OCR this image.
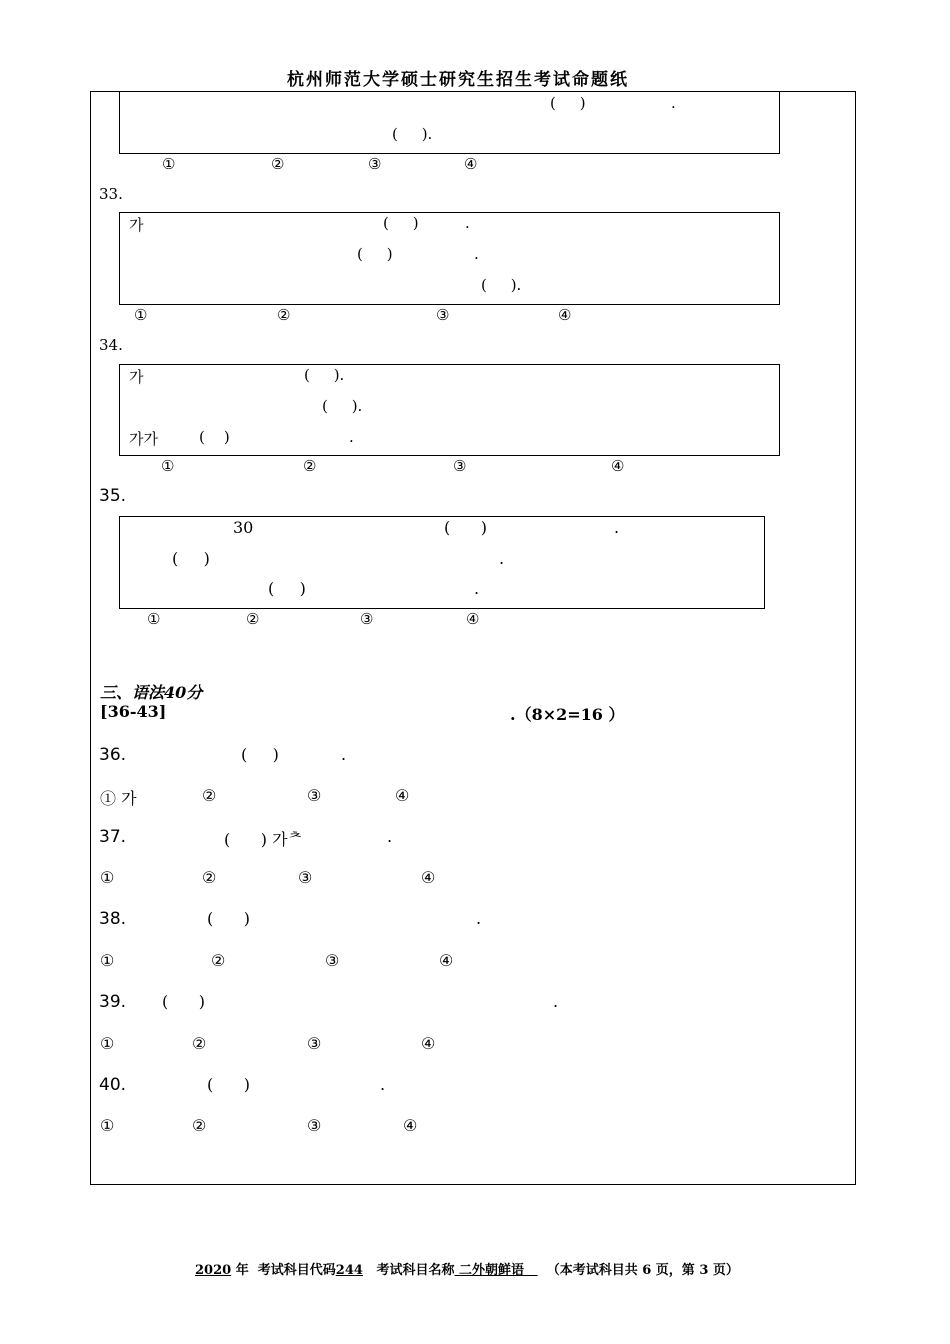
杭州师范大学硕士研究生招生考试命题纸
(     )	.
(     ).
①	②	③	④
33.
가	(     )	.
(     )	.
(     ).
①	②	③	④
34.
가	(     ).
(     ).
가가	(    )	.
①	②	③	④
35.
30	(      )	.
(     )	.
(     )	.
①	②	③	④
三、语法40分
[36-43]	.（8×2=16 ）
36.	(     )	.
① 가	②	③	④
37.	(      ) 가ᄎ	.
①	②	③	④
38.	(      )	.
①	②	③	④
39. (      )	.
①	②	③	④
40.	(      )	.
①	②	③	④
2020 年  考试科目代码244 考试科目名称 二外朝鲜语 （本考试科目共 6 页，第 3 页）
